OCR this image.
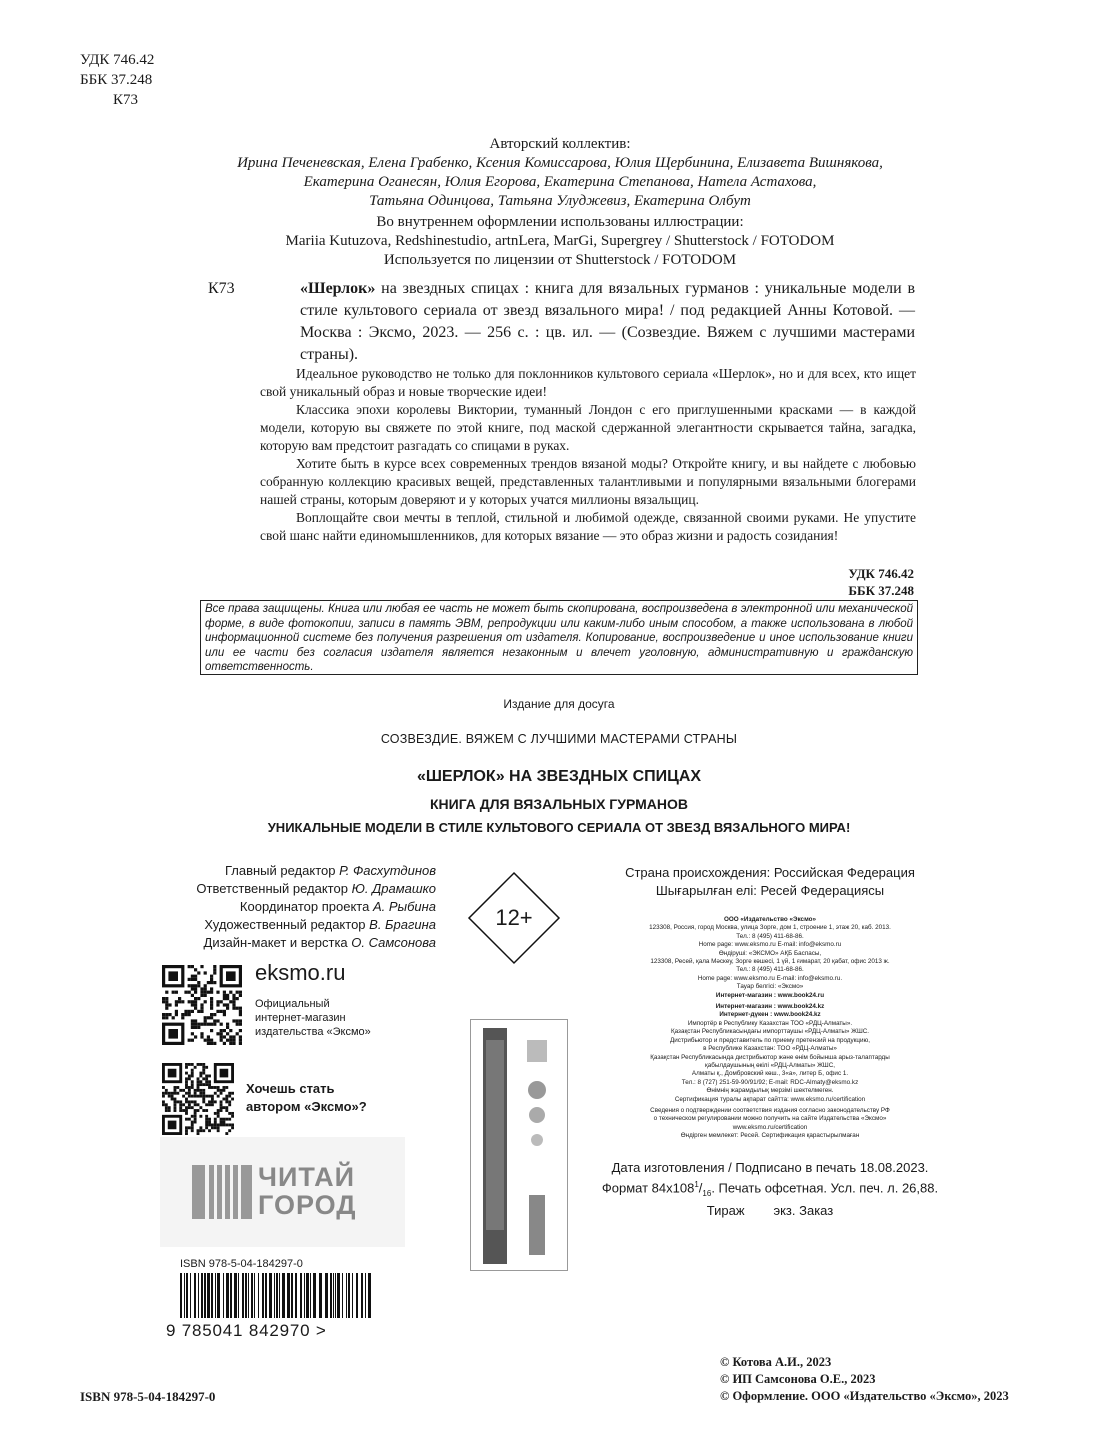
УДК 746.42
ББК 37.248
К73
Авторский коллектив:
Ирина Печеневская, Елена Грабенко, Ксения Комиссарова, Юлия Щербинина, Елизавета Вишнякова,
Екатерина Оганесян, Юлия Егорова, Екатерина Степанова, Натела Астахова,
Татьяна Одинцова, Татьяна Улуджевиз, Екатерина Олбут
Во внутреннем оформлении использованы иллюстрации:
Mariia Kutuzova, Redshinestudio, artnLera, MarGi, Supergrey / Shutterstock / FOTODOM
Используется по лицензии от Shutterstock / FOTODOM
К73	«Шерлок» на звездных спицах : книга для вязальных гурманов : уникальные модели в стиле культового сериала от звезд вязального мира! / под редакцией Анны Котовой. — Москва : Эксмо, 2023. — 256 с. : цв. ил. — (Созвездие. Вяжем с лучшими мастерами страны).

Идеальное руководство не только для поклонников культового сериала «Шерлок», но и для всех, кто ищет свой уникальный образ и новые творческие идеи!

Классика эпохи королевы Виктории, туманный Лондон с его приглушенными красками — в каждой модели, которую вы свяжете по этой книге, под маской сдержанной элегантности скрывается тайна, загадка, которую вам предстоит разгадать со спицами в руках.

Хотите быть в курсе всех современных трендов вязаной моды? Откройте книгу, и вы найдете с любовью собранную коллекцию красивых вещей, представленных талантливыми и популярными вязальными блогерами нашей страны, которым доверяют и у которых учатся миллионы вязальщиц.

Воплощайте свои мечты в теплой, стильной и любимой одежде, связанной своими руками. Не упустите свой шанс найти единомышленников, для которых вязание — это образ жизни и радость созидания!

УДК 746.42
ББК 37.248
Все права защищены. Книга или любая ее часть не может быть скопирована, воспроизведена в электронной или механической форме, в виде фотокопии, записи в память ЭВМ, репродукции или каким-либо иным способом, а также использована в любой информационной системе без получения разрешения от издателя. Копирование, воспроизведение и иное использование книги или ее части без согласия издателя является незаконным и влечет уголовную, административную и гражданскую ответственность.
Издание для досуга
СОЗВЕЗДИЕ. ВЯЖЕМ С ЛУЧШИМИ МАСТЕРАМИ СТРАНЫ
«ШЕРЛОК» НА ЗВЕЗДНЫХ СПИЦАХ
КНИГА ДЛЯ ВЯЗАЛЬНЫХ ГУРМАНОВ
УНИКАЛЬНЫЕ МОДЕЛИ В СТИЛЕ КУЛЬТОВОГО СЕРИАЛА ОТ ЗВЕЗД ВЯЗАЛЬНОГО МИРА!
Главный редактор Р. Фасхутдинов
Ответственный редактор Ю. Драмашко
Координатор проекта А. Рыбина
Художественный редактор В. Брагина
Дизайн-макет и верстка О. Самсонова
12+
Страна происхождения: Российская Федерация
Шығарылған елі: Ресей Федерациясы
ООО «Издательство «Эксмо»
123308, Россия, город Москва, улица Зорге, дом 1, строение 1, этаж 20, каб. 2013.
Тел.: 8 (495) 411-68-86.
Home page: www.eksmo.ru E-mail: info@eksmo.ru
Өндіруші: «ЭКСМО» АҚБ Баспасы,
123308, Ресей, қала Мәскеу, Зорге көшесі, 1 үй, 1 ғимарат, 20 қабат, офис 2013 ж.
Тел.: 8 (495) 411-68-86.
Home page: www.eksmo.ru E-mail: info@eksmo.ru.
Тауар белгісі: «Эксмо»
Интернет-магазин : www.book24.ru
Интернет-магазин : www.book24.kz
Интернет-дүкен : www.book24.kz
Импортёр в Республику Казахстан ТОО «РДЦ-Алматы».
Қазақстан Республикасындағы импорттаушы «РДЦ-Алматы» ЖШС.
Дистрибьютор и представитель по приему претензий на продукцию,
в Республике Казахстан: ТОО «РДЦ-Алматы»
Қазақстан Республикасында дистрибьютор және өнім бойынша арыз-талаптарды
қабылдаушының өкілі «РДЦ-Алматы» ЖШС,
Алматы қ., Домбровский көш., 3«а», литер Б, офис 1.
Тел.: 8 (727) 251-59-90/91/92; E-mail: RDC-Almaty@eksmo.kz
Өнімнің жарамдылық мерзімі шектелмеген.
Сертификация туралы ақпарат сайтта: www.eksmo.ru/certification
Сведения о подтверждении соответствия издания согласно законодательству РФ
о техническом регулировании можно получить на сайте Издательства «Эксмо»
www.eksmo.ru/certification
Өндірген мемлекет: Ресей. Сертификация қарастырылмаған
eksmo.ru
Официальный
интернет-магазин
издательства «Эксмо»
Хочешь стать
автором «Эксмо»?
ЧИТАЙ
ГОРОД
ISBN 978-5-04-184297-0
9 785041 842970 >
Дата изготовления / Подписано в печать 18.08.2023.
Формат $84x108^1/_{16}$. Печать офсетная. Усл. печ. л. 26,88.
Тираж        экз. Заказ
© Котова А.И., 2023
© ИП Самсонова О.Е., 2023
© Оформление. ООО «Издательство «Эксмо», 2023
ISBN 978-5-04-184297-0
